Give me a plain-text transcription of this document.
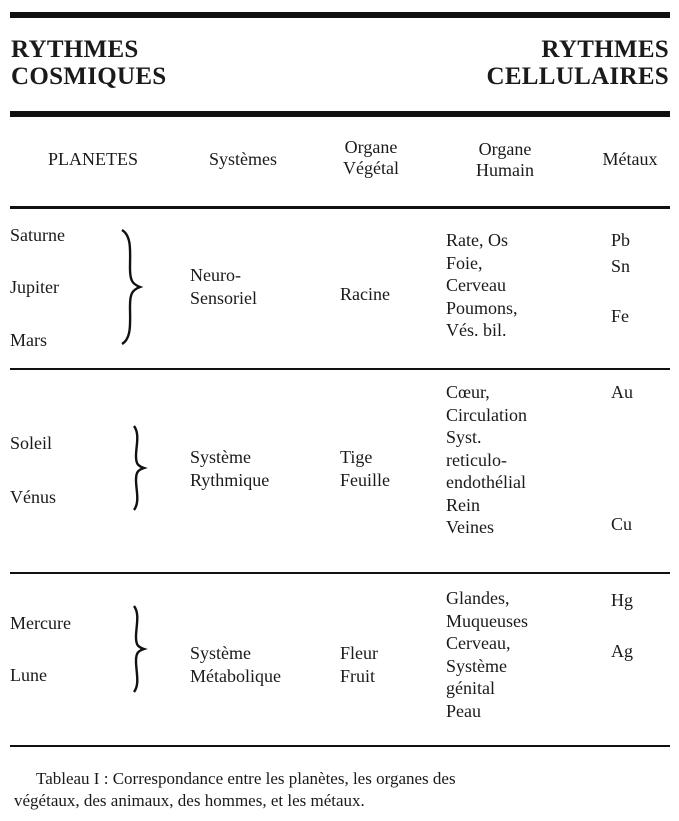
RYTHMES
COSMIQUES
RYTHMES
CELLULAIRES
PLANETES	Systèmes
Organe
Végétal
Organe
Humain
Métaux
Saturne
Jupiter
Mars
Neuro-
Sensoriel	Racine
Rate, Os
Foie,
Cerveau
Poumons,
Vés. bil.
Pb
Sn
Fe
Soleil
Vénus
Système
Rythmique
Tige
Feuille
Cœur,
Circulation
Syst.
reticulo-
endothélial
Rein
Veines
Au
Cu
Mercure
Lune
Système
Métabolique
Fleur
Fruit
Glandes,
Muqueuses
Cerveau,
Système
génital
Peau
Hg
Ag
Tableau I : Correspondance entre les planètes, les organes des
végétaux, des animaux, des hommes, et les métaux.
